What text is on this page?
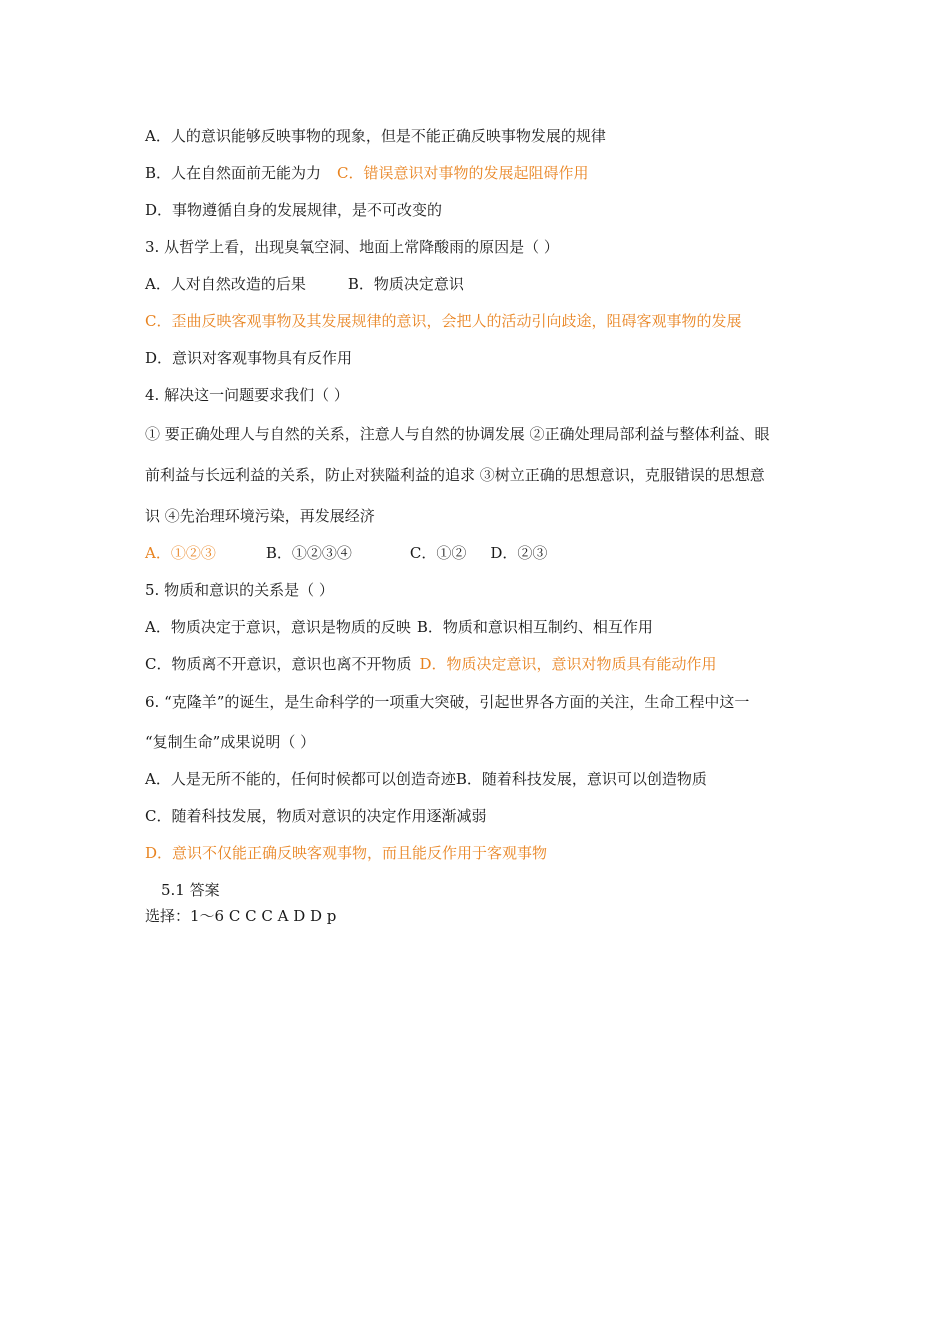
A．人的意识能够反映事物的现象，但是不能正确反映事物发展的规律
B．人在自然面前无能为力 C．错误意识对事物的发展起阻碍作用
D．事物遵循自身的发展规律，是不可改变的
3. 从哲学上看，出现臭氧空洞、地面上常降酸雨的原因是（ ）
A．人对自然改造的后果	B．物质决定意识
C．歪曲反映客观事物及其发展规律的意识，会把人的活动引向歧途，阻碍客观事物的发展
D．意识对客观事物具有反作用
4. 解决这一问题要求我们（ ）
① 要正确处理人与自然的关系，注意人与自然的协调发展 ②正确处理局部利益与整体利益、眼
前利益与长远利益的关系，防止对狭隘利益的追求 ③树立正确的思想意识，克服错误的思想意
识 ④先治理环境污染，再发展经济
A．①②③	B．①②③④	C．①② D．②③
5. 物质和意识的关系是（ ）
A．物质决定于意识，意识是物质的反映 B．物质和意识相互制约、相互作用
C．物质离不开意识，意识也离不开物质 D．物质决定意识，意识对物质具有能动作用
6. “克隆羊”的诞生，是生命科学的一项重大突破，引起世界各方面的关注，生命工程中这一
“复制生命”成果说明（ ）
A．人是无所不能的，任何时候都可以创造奇迹B．随着科技发展，意识可以创造物质
C．随着科技发展，物质对意识的决定作用逐渐减弱
D．意识不仅能正确反映客观事物，而且能反作用于客观事物
5.1 答案
选择：1～6 C C C A D D p
